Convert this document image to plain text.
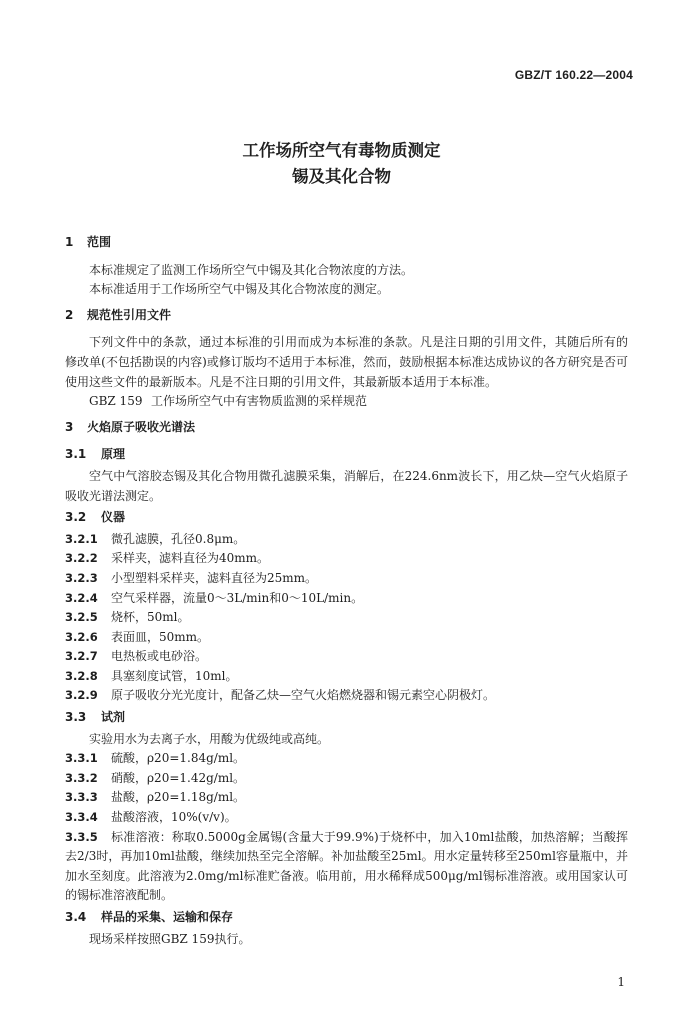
GBZ/T 160.22—2004
工作场所空气有毒物质测定
锡及其化合物
1 范围
本标准规定了监测工作场所空气中锡及其化合物浓度的方法。
本标准适用于工作场所空气中锡及其化合物浓度的测定。
2 规范性引用文件
下列文件中的条款，通过本标准的引用而成为本标准的条款。凡是注日期的引用文件，其随后所有的修改单(不包括勘误的内容)或修订版均不适用于本标准，然而，鼓励根据本标准达成协议的各方研究是否可使用这些文件的最新版本。凡是不注日期的引用文件，其最新版本适用于本标准。
GBZ 159 工作场所空气中有害物质监测的采样规范
3 火焰原子吸收光谱法
3.1 原理
空气中气溶胶态锡及其化合物用微孔滤膜采集，消解后，在224.6nm波长下，用乙炔—空气火焰原子吸收光谱法测定。
3.2 仪器
3.2.1 微孔滤膜，孔径0.8μm。
3.2.2 采样夹，滤料直径为40mm。
3.2.3 小型塑料采样夹，滤料直径为25mm。
3.2.4 空气采样器，流量0～3L/min和0～10L/min。
3.2.5 烧杯，50ml。
3.2.6 表面皿，50mm。
3.2.7 电热板或电砂浴。
3.2.8 具塞刻度试管，10ml。
3.2.9 原子吸收分光光度计，配备乙炔—空气火焰燃烧器和锡元素空心阴极灯。
3.3 试剂
实验用水为去离子水，用酸为优级纯或高纯。
3.3.1 硫酸，ρ20=1.84g/ml。
3.3.2 硝酸，ρ20=1.42g/ml。
3.3.3 盐酸，ρ20=1.18g/ml。
3.3.4 盐酸溶液，10%(v/v)。
3.3.5 标准溶液：称取0.5000g金属锡(含量大于99.9%)于烧杯中，加入10ml盐酸，加热溶解；当酸挥去2/3时，再加10ml盐酸，继续加热至完全溶解。补加盐酸至25ml。用水定量转移至250ml容量瓶中，并加水至刻度。此溶液为2.0mg/ml标准贮备液。临用前，用水稀释成500μg/ml锡标准溶液。或用国家认可的锡标准溶液配制。
3.4 样品的采集、运输和保存
现场采样按照GBZ 159执行。
1
